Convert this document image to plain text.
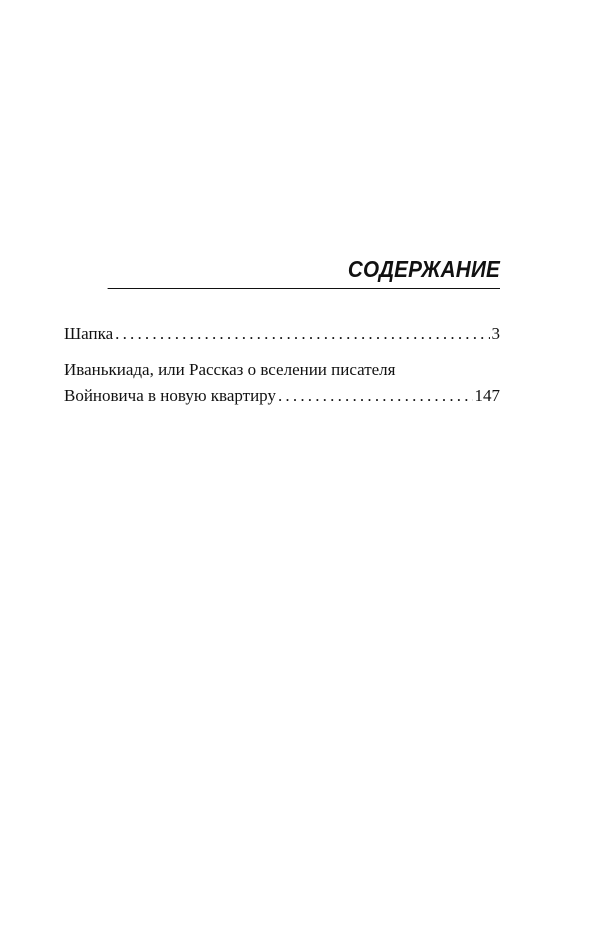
СОДЕРЖАНИЕ
Шапка .....	3
Иванькиада, или Рассказ о вселении писателя
Войновича в новую квартиру .....	147
